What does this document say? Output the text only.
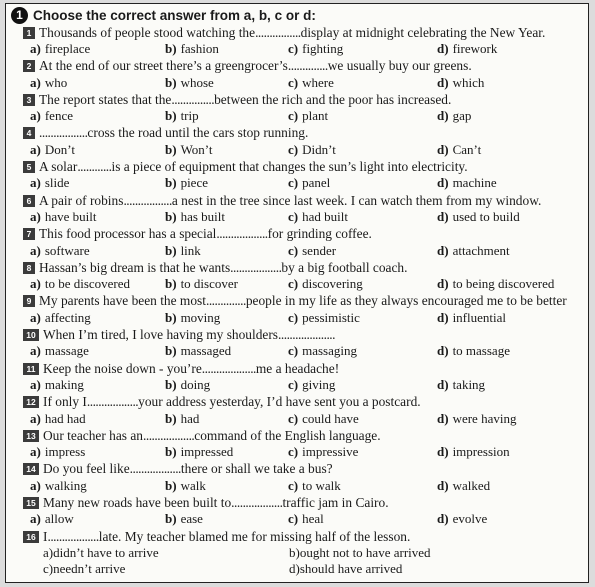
1 Choose the correct answer from a, b, c or d:
1 Thousands of people stood watching the ................ display at midnight celebrating the New Year.
a) fireplace	b) fashion	c) fighting	d) firework
2 At the end of our street there’s a greengrocer’s .............. we usually buy our greens.
a) who	b) whose	c) where	d) which
3 The report states that the ............... between the rich and the poor has increased.
a) fence	b) trip	c) plant	d) gap
4 ................. cross the road until the cars stop running.
a) Don’t	b) Won’t	c) Didn’t	d) Can’t
5 A solar ............ is a piece of equipment that changes the sun’s light into electricity.
a) slide	b) piece	c) panel	d) machine
6 A pair of robins ................. a nest in the tree since last week. I can watch them from my window.
a) have built	b) has built	c) had built	d) used to build
7 This food processor has a special .................. for grinding coffee.
a) software	b) link	c) sender	d) attachment
8 Hassan’s big dream is that he wants .................. by a big football coach.
a) to be discovered	b) to discover	c) discovering	d) to being discovered
9 My parents have been the most .............. people in my life as they always encouraged me to be better
a) affecting	b) moving	c) pessimistic	d) influential
10 When I’m tired, I love having my shoulders ................... .
a) massage	b) massaged	c) massaging	d) to massage
11 Keep the noise down - you’re ................... me a headache!
a) making	b) doing	c) giving	d) taking
12 If only I .................. your address yesterday, I’d have sent you a postcard.
a) had had	b) had	c) could have	d) were having
13 Our teacher has an .................. command of the English language.
a) impress	b) impressed	c) impressive	d) impression
14 Do you feel like .................. there or shall we take a bus?
a) walking	b) walk	c) to walk	d) walked
15 Many new roads have been built to .................. traffic jam in Cairo.
a) allow	b) ease	c) heal	d) evolve
16 I .................. late. My teacher blamed me for missing half of the lesson.
a) didn’t have to arrive	b) ought not to have arrived
c) needn’t arrive	d) should have arrived
